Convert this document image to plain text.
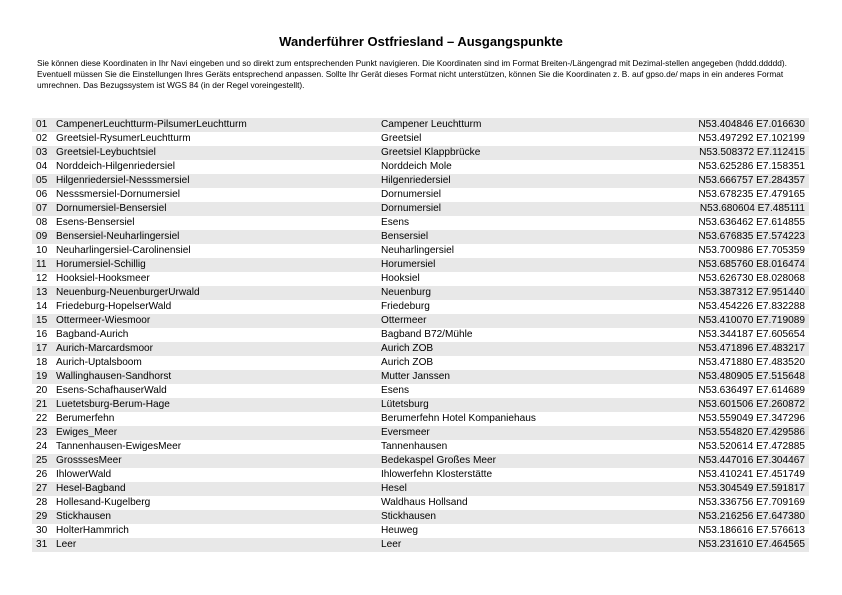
Wanderführer Ostfriesland – Ausgangspunkte

Sie können diese Koordinaten in Ihr Navi eingeben und so direkt zum entsprechenden Punkt navigieren. Die Koordinaten sind im Format Breiten-/Längengrad mit Dezimal-stellen angegeben (hddd.ddddd).

Eventuell müssen Sie die Einstellungen Ihres Geräts entsprechend anpassen. Sollte Ihr Gerät dieses Format nicht unterstützen, können Sie die Koordinaten z. B. auf gpso.de/ maps in ein anderes Format umrechnen. Das Bezugssystem ist WGS 84 (in der Regel voreingestellt).

01 CampenerLeuchtturm-PilsumerLeuchtturm	Campener Leuchtturm	N53.404846 E7.016630
02 Greetsiel-RysumerLeuchtturm	Greetsiel	N53.497292 E7.102199
03 Greetsiel-Leybuchtsiel	Greetsiel Klappbrücke	N53.508372 E7.112415
04 Norddeich-Hilgenriedersiel	Norddeich Mole	N53.625286 E7.158351
05 Hilgenriedersiel-Nesssmersiel	Hilgenriedersiel	N53.666757 E7.284357
06 Nesssmersiel-Dornumersiel	Dornumersiel	N53.678235 E7.479165
07 Dornumersiel-Bensersiel	Dornumersiel	N53.680604 E7.485111
08 Esens-Bensersiel	Esens	N53.636462 E7.614855
09 Bensersiel-Neuharlingersiel	Bensersiel	N53.676835 E7.574223
10 Neuharlingersiel-Carolinensiel	Neuharlingersiel	N53.700986 E7.705359
11 Horumersiel-Schillig	Horumersiel	N53.685760 E8.016474
12 Hooksiel-Hooksmeer	Hooksiel	N53.626730 E8.028068
13 Neuenburg-NeuenburgerUrwald	Neuenburg	N53.387312 E7.951440
14 Friedeburg-HopelserWald	Friedeburg	N53.454226 E7.832288
15 Ottermeer-Wiesmoor	Ottermeer	N53.410070 E7.719089
16 Bagband-Aurich	Bagband B72/Mühle	N53.344187 E7.605654
17 Aurich-Marcardsmoor	Aurich ZOB	N53.471896 E7.483217
18 Aurich-Uptalsboom	Aurich ZOB	N53.471880 E7.483520
19 Wallinghausen-Sandhorst	Mutter Janssen	N53.480905 E7.515648
20 Esens-SchafhauserWald	Esens	N53.636497 E7.614689
21 Luetetsburg-Berum-Hage	Lütetsburg	N53.601506 E7.260872
22 Berumerfehn	Berumerfehn Hotel Kompaniehaus	N53.559049 E7.347296
23 Ewiges_Meer	Eversmeer	N53.554820 E7.429586
24 Tannenhausen-EwigesMeer	Tannenhausen	N53.520614 E7.472885
25 GrosssesMeer	Bedekaspel Großes Meer	N53.447016 E7.304467
26 IhlowerWald	Ihlowerfehn Klosterstätte	N53.410241 E7.451749
27 Hesel-Bagband	Hesel	N53.304549 E7.591817
28 Hollesand-Kugelberg	Waldhaus Hollsand	N53.336756 E7.709169
29 Stickhausen	Stickhausen	N53.216256 E7.647380
30 HolterHammrich	Heuweg	N53.186616 E7.576613
31 Leer	Leer	N53.231610 E7.464565
